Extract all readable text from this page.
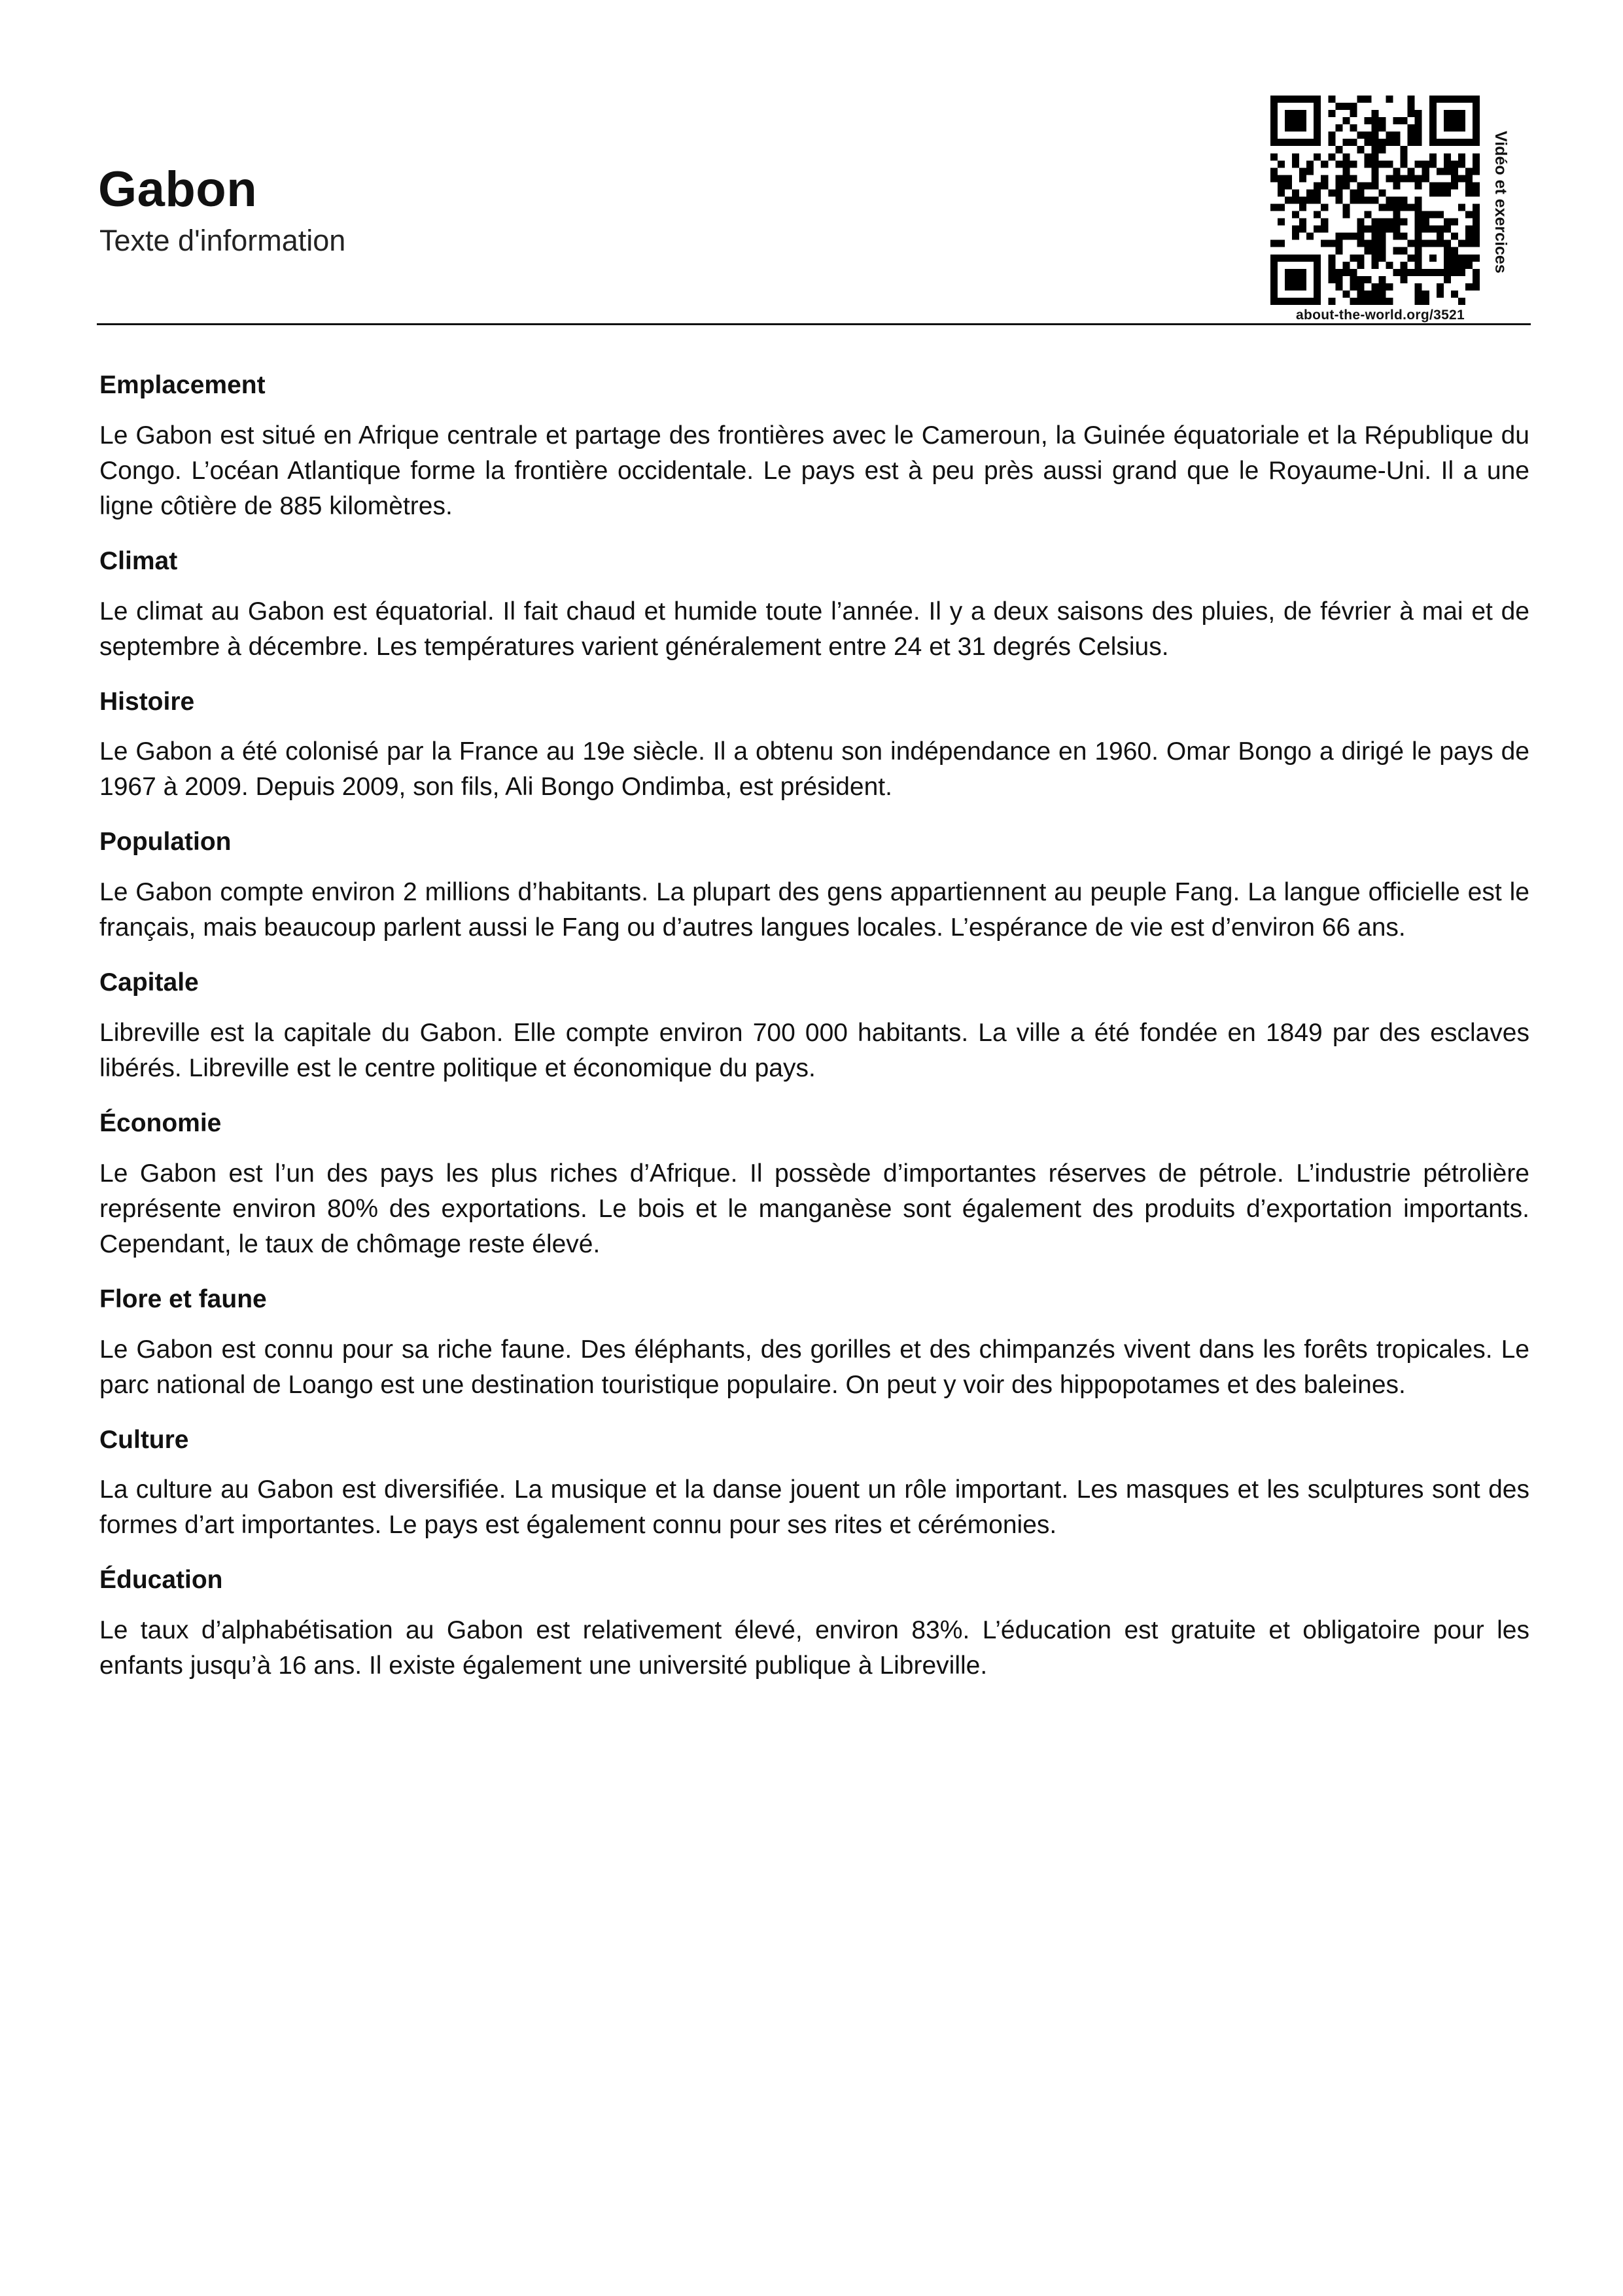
Gabon
Texte d'information
about-the-world.org/3521
Vidéo et exercices
Emplacement

Le Gabon est situé en Afrique centrale et partage des frontières avec le Cameroun, la Guinée équatoriale et la République du Congo. L’océan Atlantique forme la frontière occidentale. Le pays est à peu près aussi grand que le Royaume-Uni. Il a une ligne côtière de 885 kilomètres.

Climat

Le climat au Gabon est équatorial. Il fait chaud et humide toute l’année. Il y a deux saisons des pluies, de février à mai et de septembre à décembre. Les températures varient généralement entre 24 et 31 degrés Celsius.

Histoire

Le Gabon a été colonisé par la France au 19e siècle. Il a obtenu son indépendance en 1960. Omar Bongo a dirigé le pays de 1967 à 2009. Depuis 2009, son fils, Ali Bongo Ondimba, est président.

Population

Le Gabon compte environ 2 millions d’habitants. La plupart des gens appartiennent au peuple Fang. La langue officielle est le français, mais beaucoup parlent aussi le Fang ou d’autres langues locales. L’espérance de vie est d’environ 66 ans.

Capitale

Libreville est la capitale du Gabon. Elle compte environ 700 000 habitants. La ville a été fondée en 1849 par des esclaves libérés. Libreville est le centre politique et économique du pays.

Économie

Le Gabon est l’un des pays les plus riches d’Afrique. Il possède d’importantes réserves de pétrole. L’industrie pétrolière représente environ 80% des exportations. Le bois et le manganèse sont également des produits d’exportation importants. Cependant, le taux de chômage reste élevé.

Flore et faune

Le Gabon est connu pour sa riche faune. Des éléphants, des gorilles et des chimpanzés vivent dans les forêts tropicales. Le parc national de Loango est une destination touristique populaire. On peut y voir des hippopotames et des baleines.

Culture

La culture au Gabon est diversifiée. La musique et la danse jouent un rôle important. Les masques et les sculptures sont des formes d’art importantes. Le pays est également connu pour ses rites et cérémonies.

Éducation

Le taux d’alphabétisation au Gabon est relativement élevé, environ 83%. L’éducation est gratuite et obligatoire pour les enfants jusqu’à 16 ans. Il existe également une université publique à Libreville.
